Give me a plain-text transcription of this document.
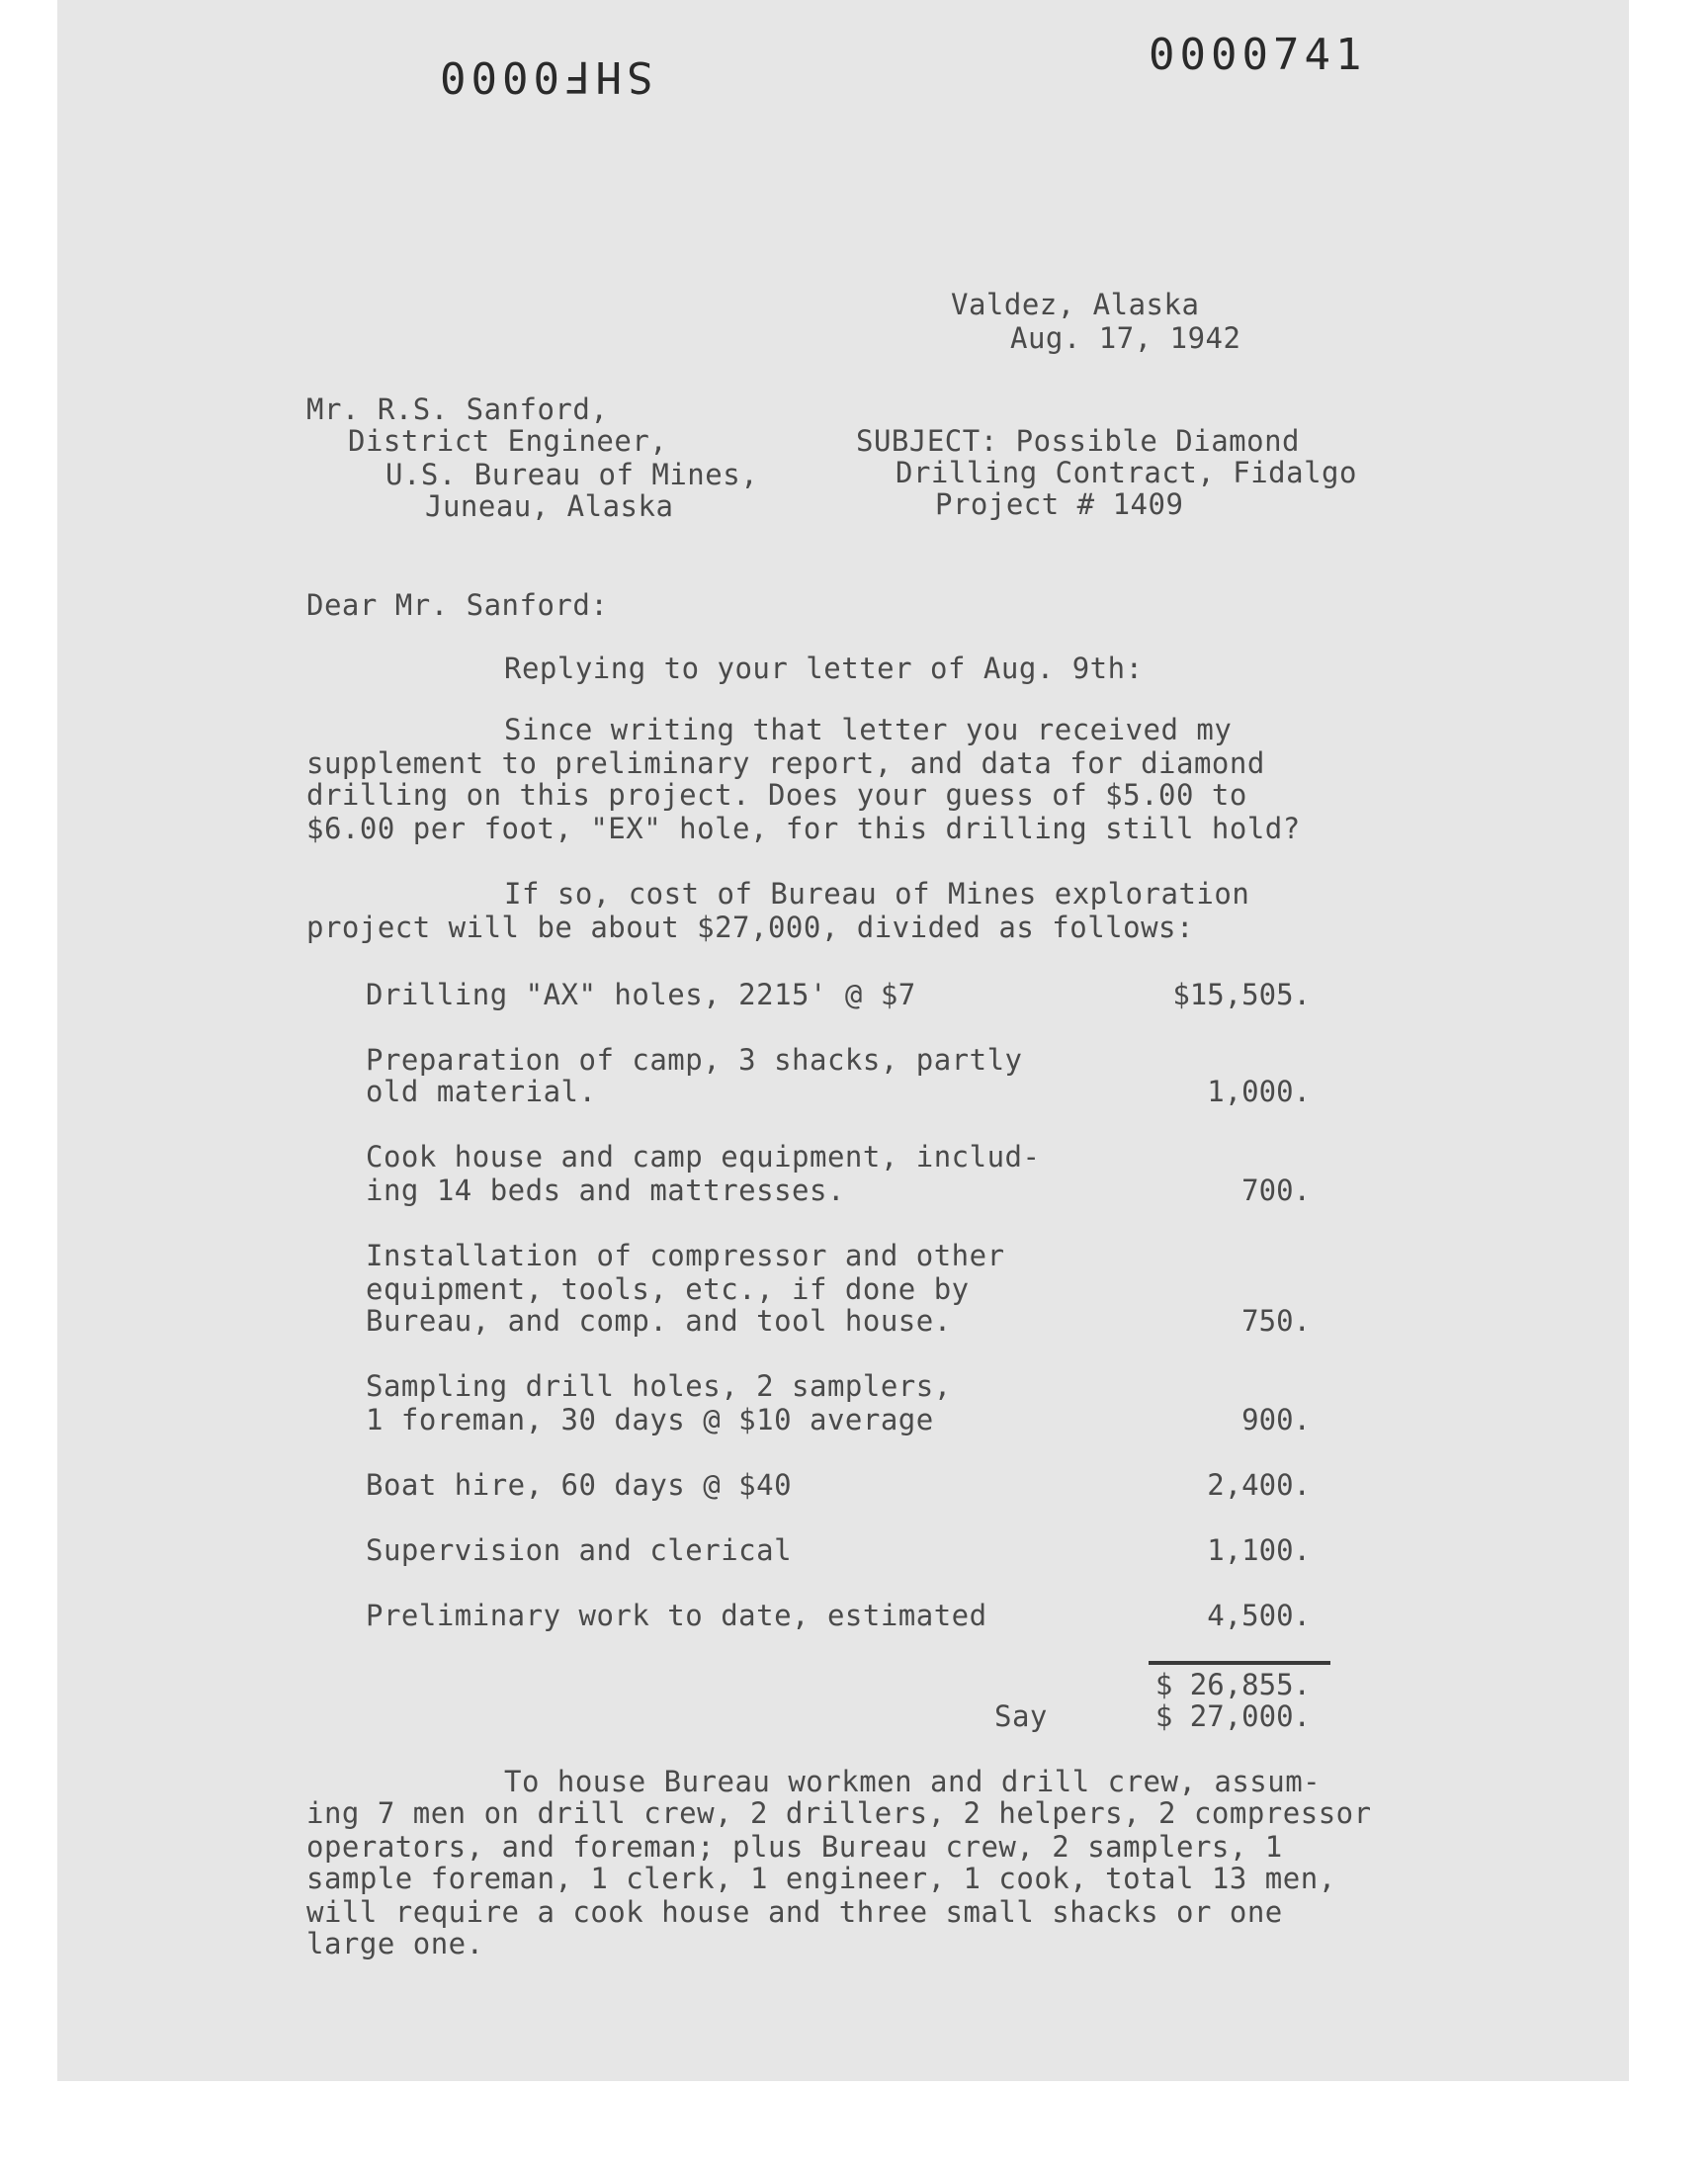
SHF0000	0000741
Valdez, Alaska
Aug. 17, 1942
Mr. R.S. Sanford,
District Engineer,
U.S. Bureau of Mines,
Juneau, Alaska
SUBJECT: Possible Diamond
Drilling Contract, Fidalgo
Project # 1409
Dear Mr. Sanford:
Replying to your letter of Aug. 9th:
Since writing that letter you received my
supplement to preliminary report, and data for diamond
drilling on this project. Does your guess of $5.00 to
$6.00 per foot, "EX" hole, for this drilling still hold?
If so, cost of Bureau of Mines exploration
project will be about $27,000, divided as follows:
Drilling "AX" holes, 2215' @ $7	$15,505.
Preparation of camp, 3 shacks, partly
old material.	1,000.
Cook house and camp equipment, includ-
ing 14 beds and mattresses.	700.
Installation of compressor and other
equipment, tools, etc., if done by
Bureau, and comp. and tool house.	750.
Sampling drill holes, 2 samplers,
1 foreman, 30 days @ $10 average	900.
Boat hire, 60 days @ $40	2,400.
Supervision and clerical	1,100.
Preliminary work to date, estimated	4,500.
$ 26,855.
Say	$ 27,000.
To house Bureau workmen and drill crew, assum-
ing 7 men on drill crew, 2 drillers, 2 helpers, 2 compressor
operators, and foreman; plus Bureau crew, 2 samplers, 1
sample foreman, 1 clerk, 1 engineer, 1 cook, total 13 men,
will require a cook house and three small shacks or one
large one.
